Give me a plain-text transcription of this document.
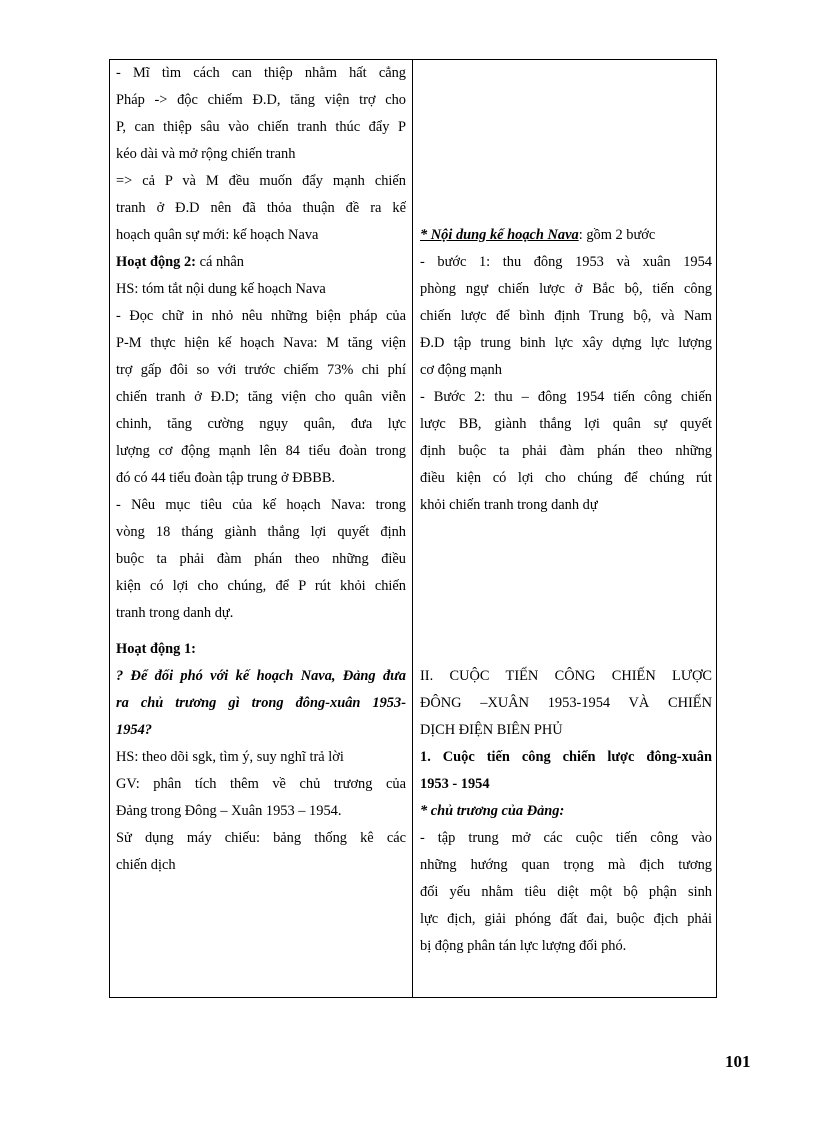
- Mĩ tìm cách can thiệp nhằm hất cẳng
Pháp -> độc chiếm Đ.D, tăng viện trợ cho
P, can thiệp sâu vào chiến tranh thúc đẩy P
kéo dài và mở rộng chiến tranh
=> cả P và M đều muốn đẩy mạnh chiến
tranh ở Đ.D nên đã thỏa thuận đề ra kế
hoạch quân sự mới: kế hoạch Nava
Hoạt động 2: cá nhân
HS: tóm tắt nội dung kế hoạch Nava
- Đọc chữ in nhỏ nêu những biện pháp của
P-M thực hiện kế hoạch Nava: M tăng viện
trợ gấp đôi so với trước chiếm 73% chi phí
chiến tranh ở Đ.D; tăng viện cho quân viễn
chinh, tăng cường ngụy quân, đưa lực
lượng cơ động mạnh lên 84 tiểu đoàn trong
đó có 44 tiểu đoàn tập trung ở ĐBBB.
- Nêu mục tiêu của kế hoạch Nava: trong
vòng 18 tháng giành thắng lợi quyết định
buộc ta phải đàm phán theo những điều
kiện có lợi cho chúng, để P rút khỏi chiến
tranh trong danh dự.
Hoạt động 1:
? Để đối phó với kế hoạch Nava, Đảng đưa
ra chủ trương gì trong đông-xuân 1953-
1954?
HS: theo dõi sgk, tìm ý, suy nghĩ trả lời
GV: phân tích thêm về chủ trương của
Đảng trong Đông – Xuân 1953 – 1954.
Sử dụng máy chiếu: bảng thống kê các
chiến dịch
* Nội dung kế hoạch Nava: gồm 2 bước
- bước 1: thu đông 1953 và xuân 1954
phòng ngự chiến lược ở Bắc bộ, tiến công
chiến lược để bình định Trung bộ, và Nam
Đ.D tập trung binh lực xây dựng lực lượng
cơ động mạnh
- Bước 2: thu – đông 1954 tiến công chiến
lược BB, giành thắng lợi quân sự quyết
định buộc ta phải đàm phán theo những
điều kiện có lợi cho chúng để chúng rút
khỏi chiến tranh trong danh dự
II. CUỘC TIẾN CÔNG CHIẾN LƯỢC
ĐÔNG –XUÂN 1953-1954 VÀ CHIẾN
DỊCH ĐIỆN BIÊN PHỦ
1. Cuộc tiến công chiến lược đông-xuân
1953 - 1954
* chủ trương của Đảng:
- tập trung mở các cuộc tiến công vào
những hướng quan trọng mà địch tương
đối yếu nhằm tiêu diệt một bộ phận sinh
lực địch, giải phóng đất đai, buộc địch phải
bị động phân tán lực lượng đối phó.
101
